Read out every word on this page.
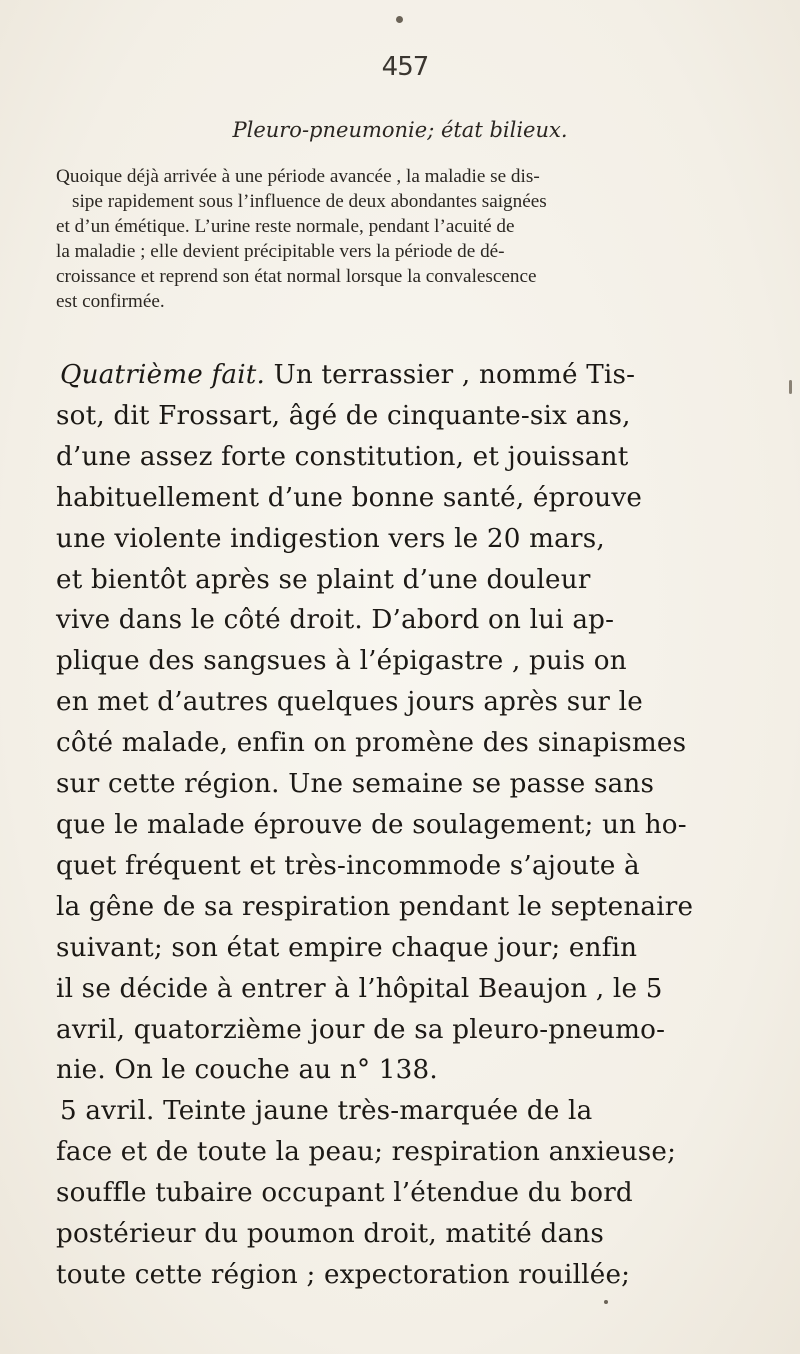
457
Pleuro-pneumonie; état bilieux.
Quoique déjà arrivée à une période avancée , la maladie se dis-
sipe rapidement sous l’influence de deux abondantes saignées
et d’un émétique. L’urine reste normale, pendant l’acuité de
la maladie ; elle devient précipitable vers la période de dé-
croissance et reprend son état normal lorsque la convalescence
est confirmée.
Quatrième fait. Un terrassier , nommé Tis-
sot, dit Frossart, âgé de cinquante-six ans,
d’une assez forte constitution, et jouissant
habituellement d’une bonne santé, éprouve
une violente indigestion vers le 20 mars,
et bientôt après se plaint d’une douleur
vive dans le côté droit. D’abord on lui ap-
plique des sangsues à l’épigastre , puis on
en met d’autres quelques jours après sur le
côté malade, enfin on promène des sinapismes
sur cette région. Une semaine se passe sans
que le malade éprouve de soulagement; un ho-
quet fréquent et très-incommode s’ajoute à
la gêne de sa respiration pendant le septenaire
suivant; son état empire chaque jour; enfin
il se décide à entrer à l’hôpital Beaujon , le 5
avril, quatorzième jour de sa pleuro-pneumo-
nie. On le couche au n° 138.
5 avril. Teinte jaune très-marquée de la
face et de toute la peau; respiration anxieuse;
souffle tubaire occupant l’étendue du bord
postérieur du poumon droit, matité dans
toute cette région ; expectoration rouillée;
